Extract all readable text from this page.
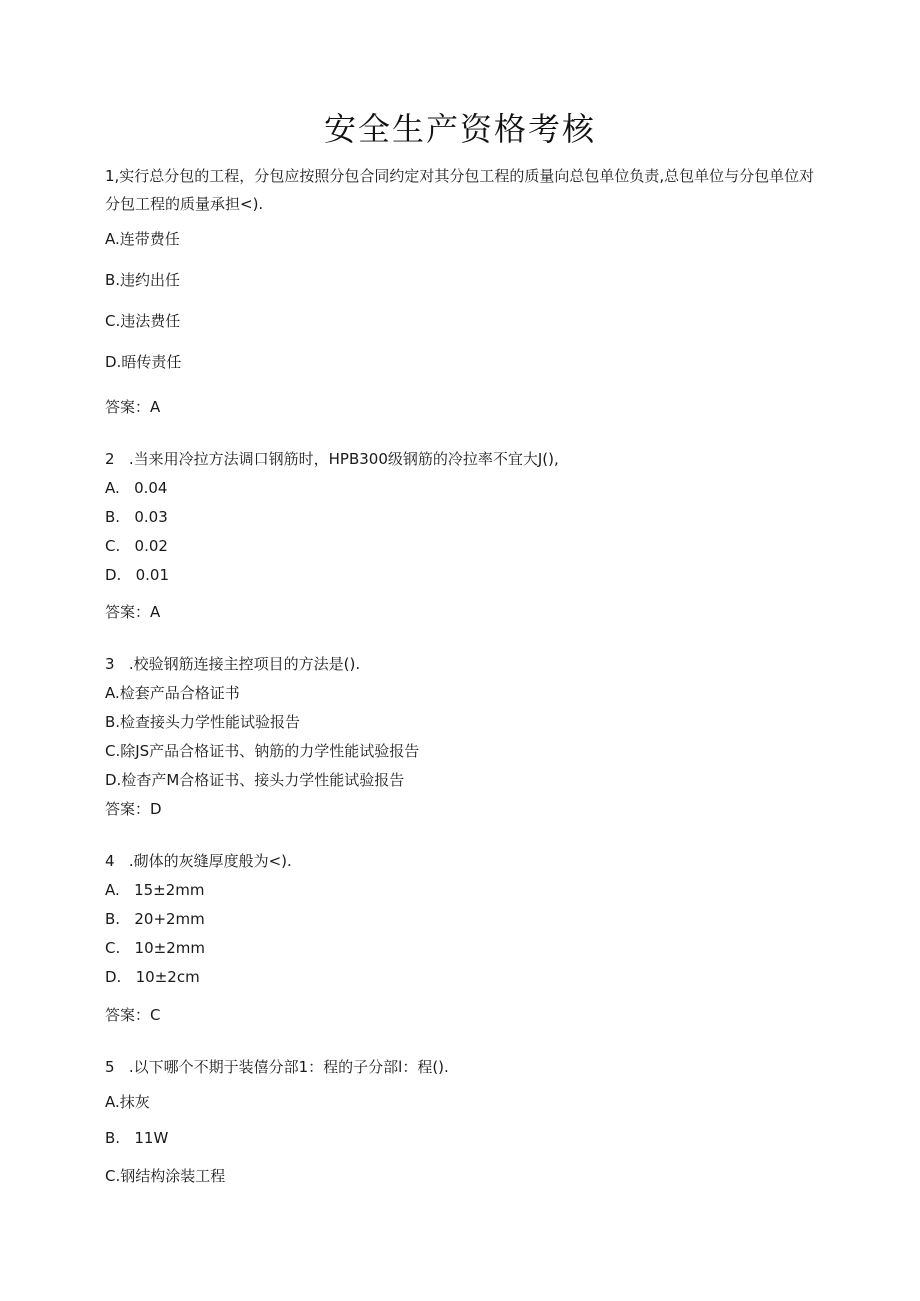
安全生产资格考核
1,实行总分包的工程，分包应按照分包合同约定对其分包工程的质量向总包单位负责,总包单位与分包单位对
分包工程的质量承担<).
A.连带费任
B.违约出任
C.违法费任
D.晤传责任
答案：A
2   .当来用冷拉方法调口钢筋时，HPB300级钢筋的冷拉率不宜大J(),
A.   0.04
B.   0.03
C.   0.02
D.   0.01
答案：A
3   .校验钢筋连接主控项目的方法是().
A.检套产品合格证书
B.检查接头力学性能试验报告
C.除JS产品合格证书、钠筋的力学性能试验报告
D.检杳产M合格证书、接头力学性能试验报告
答案：D
4   .砌体的灰缝厚度般为<).
A.   15±2mm
B.   20+2mm
C.   10±2mm
D.   10±2cm
答案：C
5   .以下哪个不期于装僖分部1：程的子分部l：程().
A.抹灰
B.   11W
C.钢结构涂装工程
